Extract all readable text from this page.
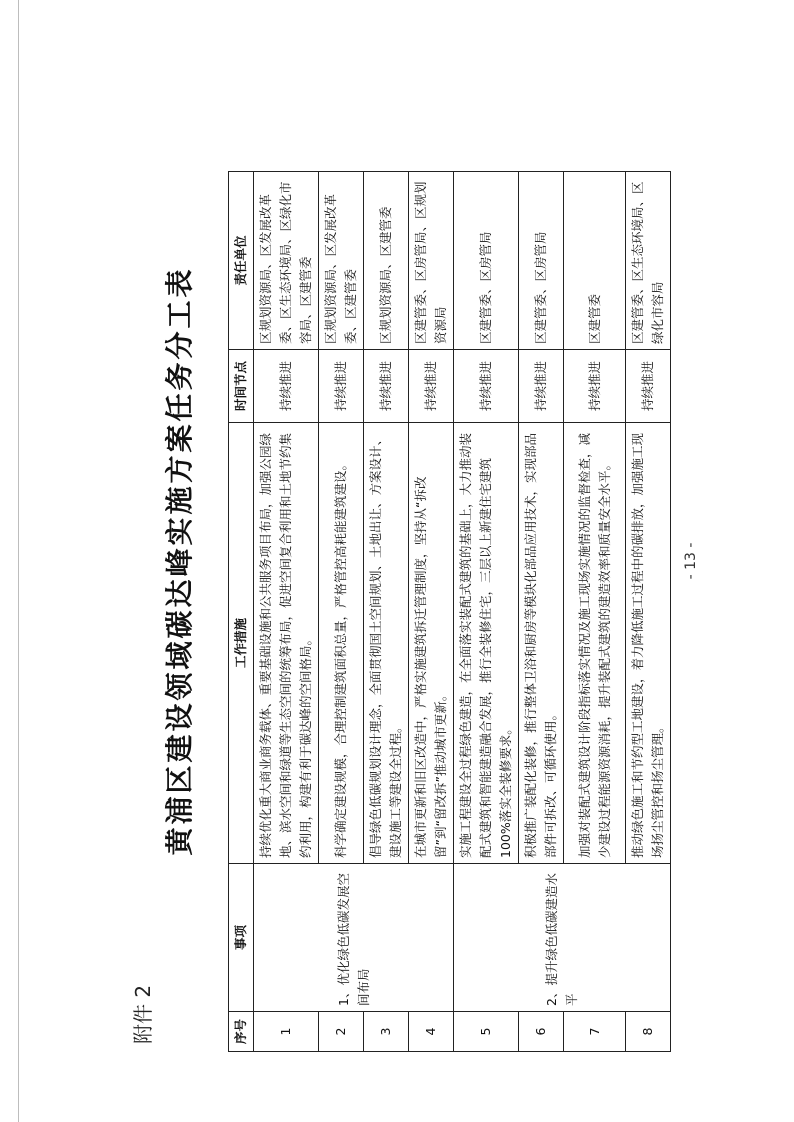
附件 2
黄浦区建设领域碳达峰实施方案任务分工表
序号	事项	工作措施	时间节点	责任单位
1	1、优化绿色低碳发展空间布局	持续优化重大商业商务载体、重要基础设施和公共服务项目布局，加强公园绿地、滨水空间和绿道等生态空间的统筹布局，促进空间复合利用和土地节约集约利用，构建有利于碳达峰的空间格局。	持续推进	区规划资源局、区发展改革委、区生态环境局、区绿化市容局、区建管委
2		科学确定建设规模，合理控制建筑面积总量，严格管控高耗能建筑建设。	持续推进	区规划资源局、区发展改革委、区建管委
3		倡导绿色低碳规划设计理念，全面贯彻国土空间规划、土地出让、方案设计、建设施工等建设全过程。	持续推进	区规划资源局、区建管委
4		在城市更新和旧区改造中，严格实施建筑拆迁管理制度，坚持从“拆改留”到“留改拆”推动城市更新。	持续推进	区建管委、区房管局、区规划资源局
5	2、提升绿色低碳建造水平	实施工程建设全过程绿色建造，在全面落实装配式建筑的基础上，大力推动装配式建筑和智能建造融合发展，推行全装修住宅，三层以上新建住宅建筑100%落实全装修要求。	持续推进	区建管委、区房管局
6		积极推广装配化装修，推行整体卫浴和厨房等模块化部品应用技术，实现部品部件可拆改、可循环使用。	持续推进	区建管委、区房管局
7		加强对装配式建筑设计阶段指标落实情况及施工现场实施情况的监督检查，减少建设过程能源资源消耗，提升装配式建筑的建造效率和质量安全水平。	持续推进	区建管委
8		推动绿色施工和节约型工地建设，着力降低施工过程中的碳排放，加强施工现场扬尘管控和扬尘管理。	持续推进	区建管委、区生态环境局、区绿化市容局
- 13 -
